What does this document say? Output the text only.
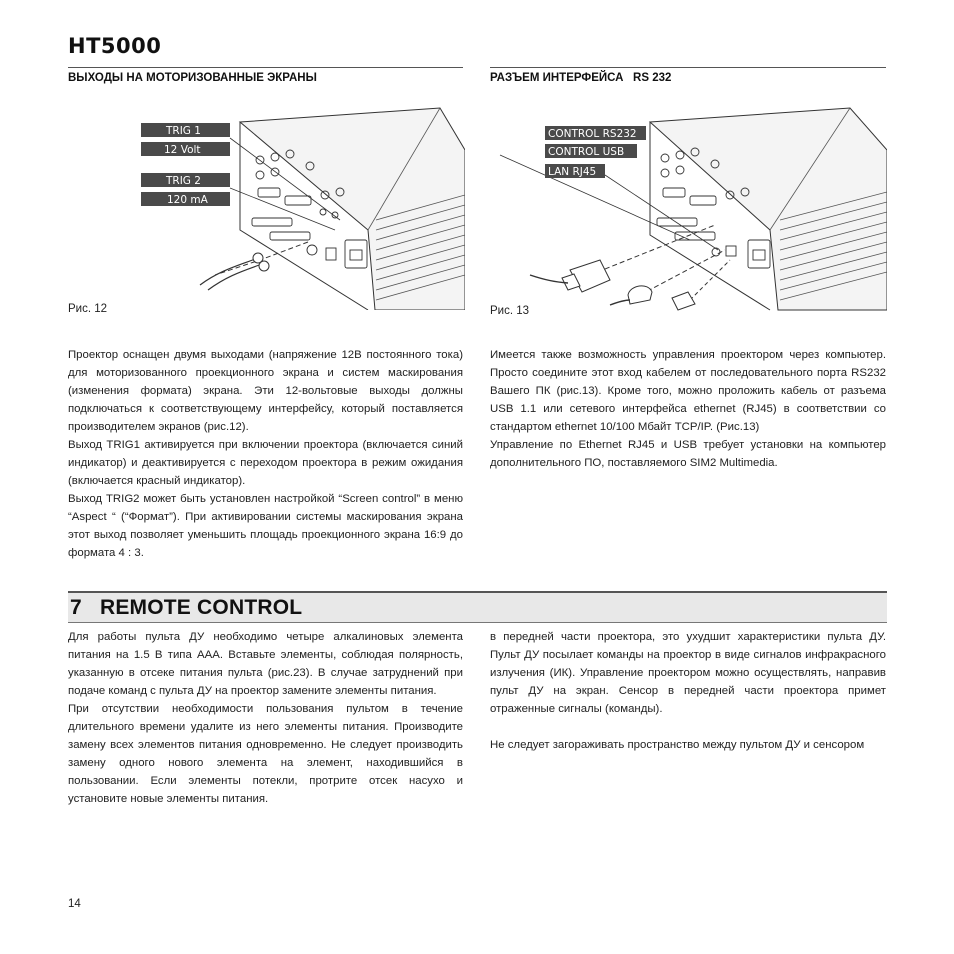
HT5000
ВЫХОДЫ НА МОТОРИЗОВАННЫЕ ЭКРАНЫ	РАЗЪЕМ ИНТЕРФЕЙСА   RS 232
TRIG 1
12 Volt
TRIG 2
120 mA
Рис. 12
CONTROL RS232
CONTROL USB
LAN RJ45
Рис. 13

Проектор оснащен двумя выходами (напряжение 12В постоянного тока) для моторизованного проекционного экрана и систем маскирования (изменения формата) экрана. Эти 12-вольтовые выходы должны подключаться к соответствующему интерфейсу, который поставляется производителем экранов (рис.12).

Выход TRIG1 активируется при включении проектора (включается синий индикатор) и деактивируется с переходом проектора в режим ожидания (включается красный индикатор).

Выход TRIG2 может быть установлен настройкой “Screen control” в меню “Aspect “ (“Формат”). При активировании системы маскирования экрана этот выход позволяет уменьшить площадь проекционного экрана 16:9 до формата 4 : 3.

Имеется также возможность управления проектором через компьютер. Просто соедините этот вход кабелем от последовательного порта RS232 Вашего ПК (рис.13). Кроме того, можно проложить кабель от разъема USB 1.1 или сетевого интерфейса ethernet (RJ45) в соответствии со стандартом ethernet 10/100 Мбайт TCP/IP. (Рис.13)

Управление по Ethernet RJ45 и USB требует установки на компьютер дополнительного ПО, поставляемого SIM2 Multimedia.

7   REMOTE CONTROL

Для работы пульта ДУ необходимо четыре алкалиновых элемента питания на 1.5 В типа ААА. Вставьте элементы, соблюдая полярность, указанную в отсеке питания пульта (рис.23). В случае затруднений при подаче команд с пульта ДУ на проектор замените элементы питания.

При отсутствии необходимости пользования пультом в течение длительного времени удалите из него элементы питания. Производите замену всех элементов питания одновременно. Не следует производить замену одного нового элемента на элемент, находившийся в пользовании. Если элементы потекли, протрите отсек насухо и установите новые элементы питания.

в передней части проектора, это ухудшит характеристики пульта ДУ. Пульт ДУ посылает команды на проектор в виде сигналов инфракрасного излучения (ИК). Управление проектором можно осуществлять, направив пульт ДУ на экран. Сенсор в передней части проектора примет отраженные сигналы (команды).

Не следует загораживать пространство между пультом ДУ и сенсором

14
